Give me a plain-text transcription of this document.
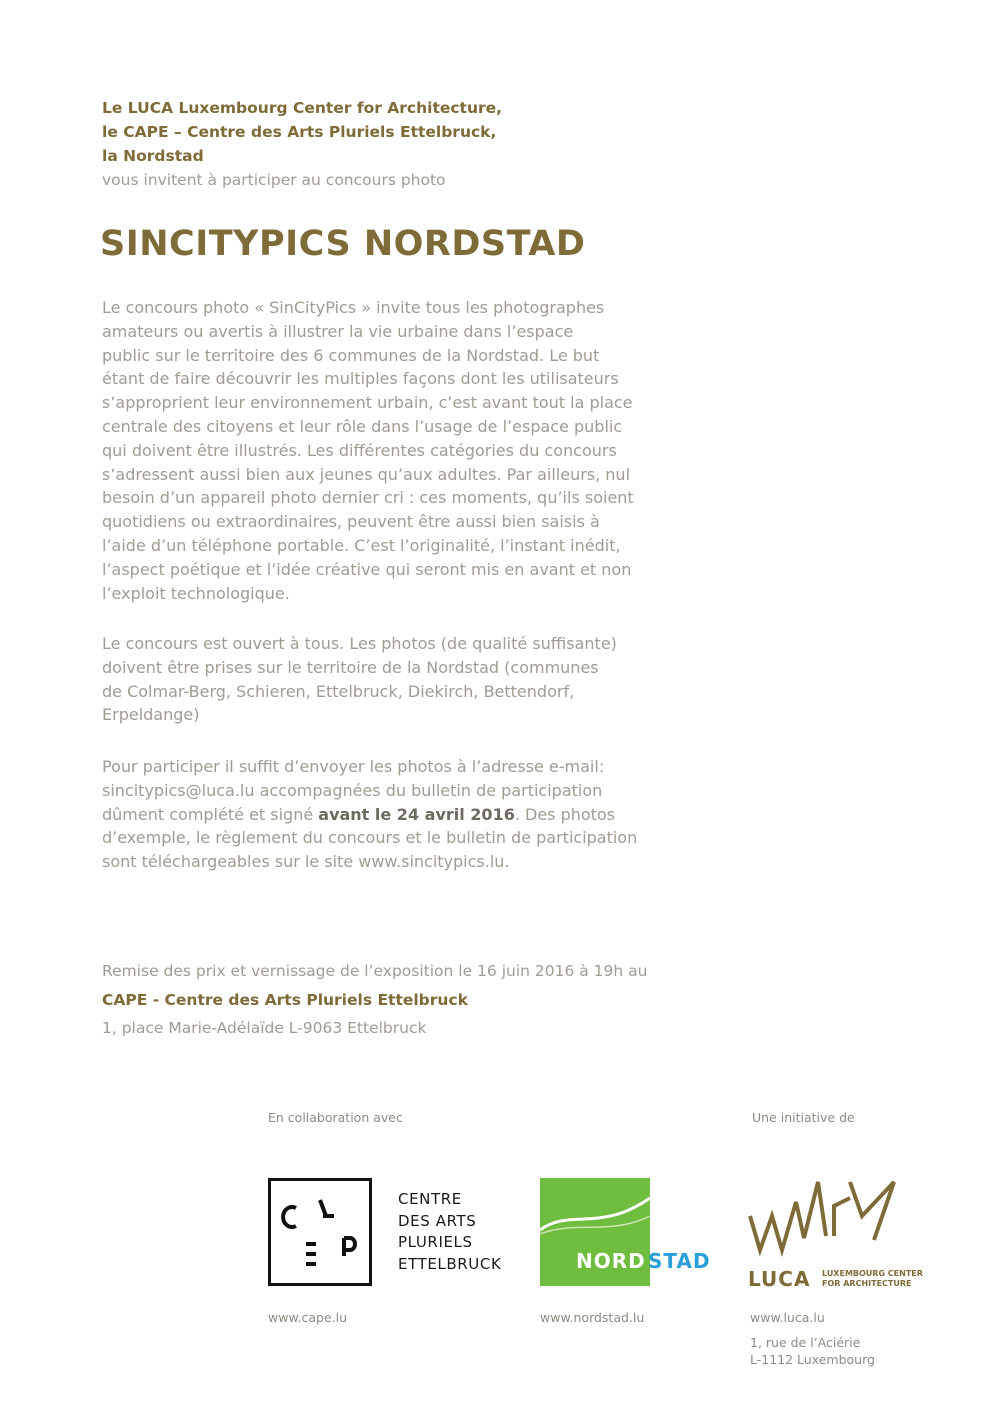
Le LUCA Luxembourg Center for Architecture,
le CAPE – Centre des Arts Pluriels Ettelbruck,
la Nordstad
vous invitent à participer au concours photo
SINCITYPICS NORDSTAD
Le concours photo « SinCityPics » invite tous les photographes
amateurs ou avertis à illustrer la vie urbaine dans l’espace
public sur le territoire des 6 communes de la Nordstad. Le but
étant de faire découvrir les multiples façons dont les utilisateurs
s’approprient leur environnement urbain, c’est avant tout la place
centrale des citoyens et leur rôle dans l’usage de l’espace public
qui doivent être illustrés. Les différentes catégories du concours
s’adressent aussi bien aux jeunes qu’aux adultes. Par ailleurs, nul
besoin d’un appareil photo dernier cri : ces moments, qu’ils soient
quotidiens ou extraordinaires, peuvent être aussi bien saisis à
l’aide d’un téléphone portable. C’est l’originalité, l’instant inédit,
l’aspect poétique et l’idée créative qui seront mis en avant et non
l’exploit technologique.
Le concours est ouvert à tous. Les photos (de qualité suffisante)
doivent être prises sur le territoire de la Nordstad (communes
de Colmar-Berg, Schieren, Ettelbruck, Diekirch, Bettendorf,
Erpeldange)
Pour participer il suffit d’envoyer les photos à l’adresse e-mail:
sincitypics@luca.lu accompagnées du bulletin de participation
dûment complété et signé avant le 24 avril 2016. Des photos
d’exemple, le règlement du concours et le bulletin de participation
sont téléchargeables sur le site www.sincitypics.lu.
Remise des prix et vernissage de l’exposition le 16 juin 2016 à 19h au
CAPE - Centre des Arts Pluriels Ettelbruck
1, place Marie-Adélaïde L-9063 Ettelbruck
En collaboration avec	Une initiative de
CENTRE
DES ARTS
PLURIELS
ETTELBRUCK	NORD STAD
LUCA LUXEMBOURG CENTER
FOR ARCHITECTURE
www.cape.lu	www.nordstad.lu	www.luca.lu
1, rue de l’Aciérie
L-1112 Luxembourg
